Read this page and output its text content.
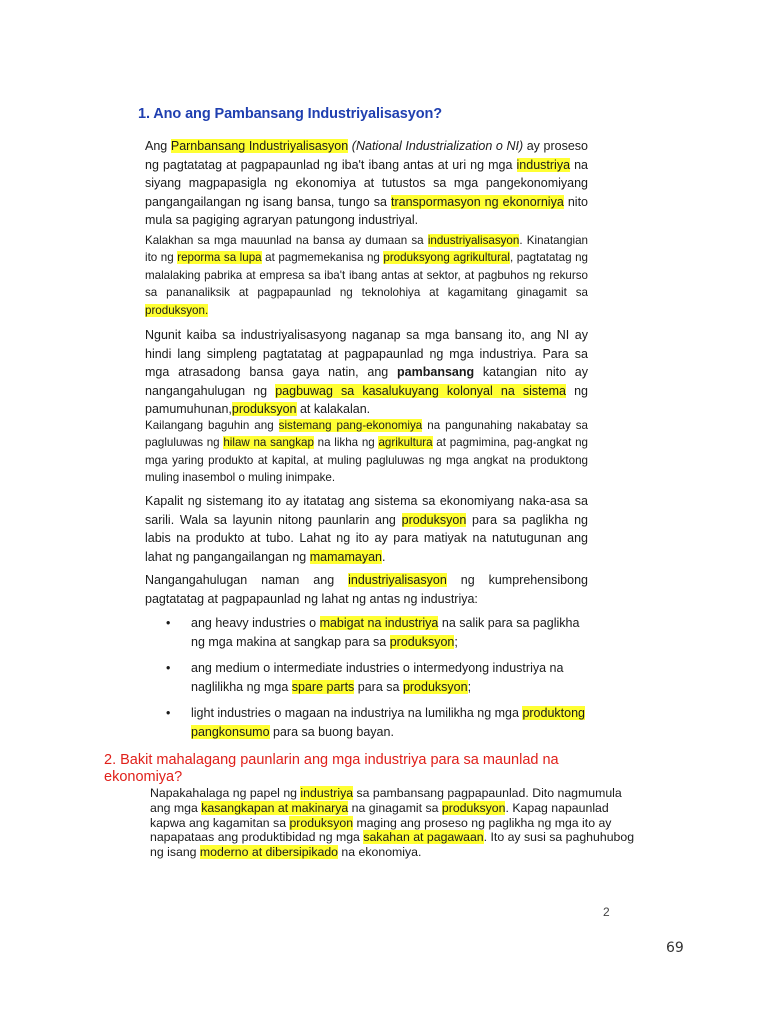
1. Ano ang Pambansang Industriyalisasyon?

Ang Parnbansang Industriyalisasyon (National Industrialization o NI) ay proseso ng pagtatatag at pagpapaunlad ng iba't ibang antas at uri ng mga industriya na siyang magpapasigla ng ekonomiya at tutustos sa mga pangekonomiyang pangangailangan ng isang bansa, tungo sa transpormasyon ng ekonorniya nito mula sa pagiging agraryan patungong industriyal.

Kalakhan sa mga mauunlad na bansa ay dumaan sa industriyalisasyon. Kinatangian ito ng reporma sa lupa at pagmemekanisa ng produksyong agrikultural, pagtatatag ng malalaking pabrika at empresa sa iba't ibang antas at sektor, at pagbuhos ng rekurso sa pananaliksik at pagpapaunlad ng teknolohiya at kagamitang ginagamit sa produksyon.

Ngunit kaiba sa industriyalisasyong naganap sa mga bansang ito, ang NI ay hindi lang simpleng pagtatatag at pagpapaunlad ng mga industriya. Para sa mga atrasadong bansa gaya natin, ang pambansang katangian nito ay nangangahulugan ng pagbuwag sa kasalukuyang kolonyal na sistema ng pamumuhunan,produksyon at kalakalan.

Kailangang baguhin ang sistemang pang-ekonomiya na pangunahing nakabatay sa pagluluwas ng hilaw na sangkap na likha ng agrikultura at pagmimina, pag-angkat ng mga yaring produkto at kapital, at muling pagluluwas ng mga angkat na produktong muling inasembol o muling inimpake.

Kapalit ng sistemang ito ay itatatag ang sistema sa ekonomiyang naka-asa sa sarili. Wala sa layunin nitong paunlarin ang produksyon para sa paglikha ng labis na produkto at tubo. Lahat ng ito ay para matiyak na natutugunan ang lahat ng pangangailangan ng mamamayan.

Nangangahulugan naman ang industriyalisasyon ng kumprehensibong pagtatatag at pagpapaunlad ng lahat ng antas ng industriya:

• ang heavy industries o mabigat na industriya na salik para sa paglikha ng mga makina at sangkap para sa produksyon;
• ang medium o intermediate industries o intermedyong industriya na naglilikha ng mga spare parts para sa produksyon;
• light industries o magaan na industriya na lumilikha ng mga produktong pangkonsumo para sa buong bayan.
2. Bakit mahalagang paunlarin ang mga industriya para sa maunlad na ekonomiya?

Napakahalaga ng papel ng industriya sa pambansang pagpapaunlad. Dito nagmumula ang mga kasangkapan at makinarya na ginagamit sa produksyon. Kapag napaunlad kapwa ang kagamitan sa produksyon maging ang proseso ng paglikha ng mga ito ay napapataas ang produktibidad ng mga sakahan at pagawaan. Ito ay susi sa paghuhubog ng isang moderno at dibersipikado na ekonomiya.

2
69
